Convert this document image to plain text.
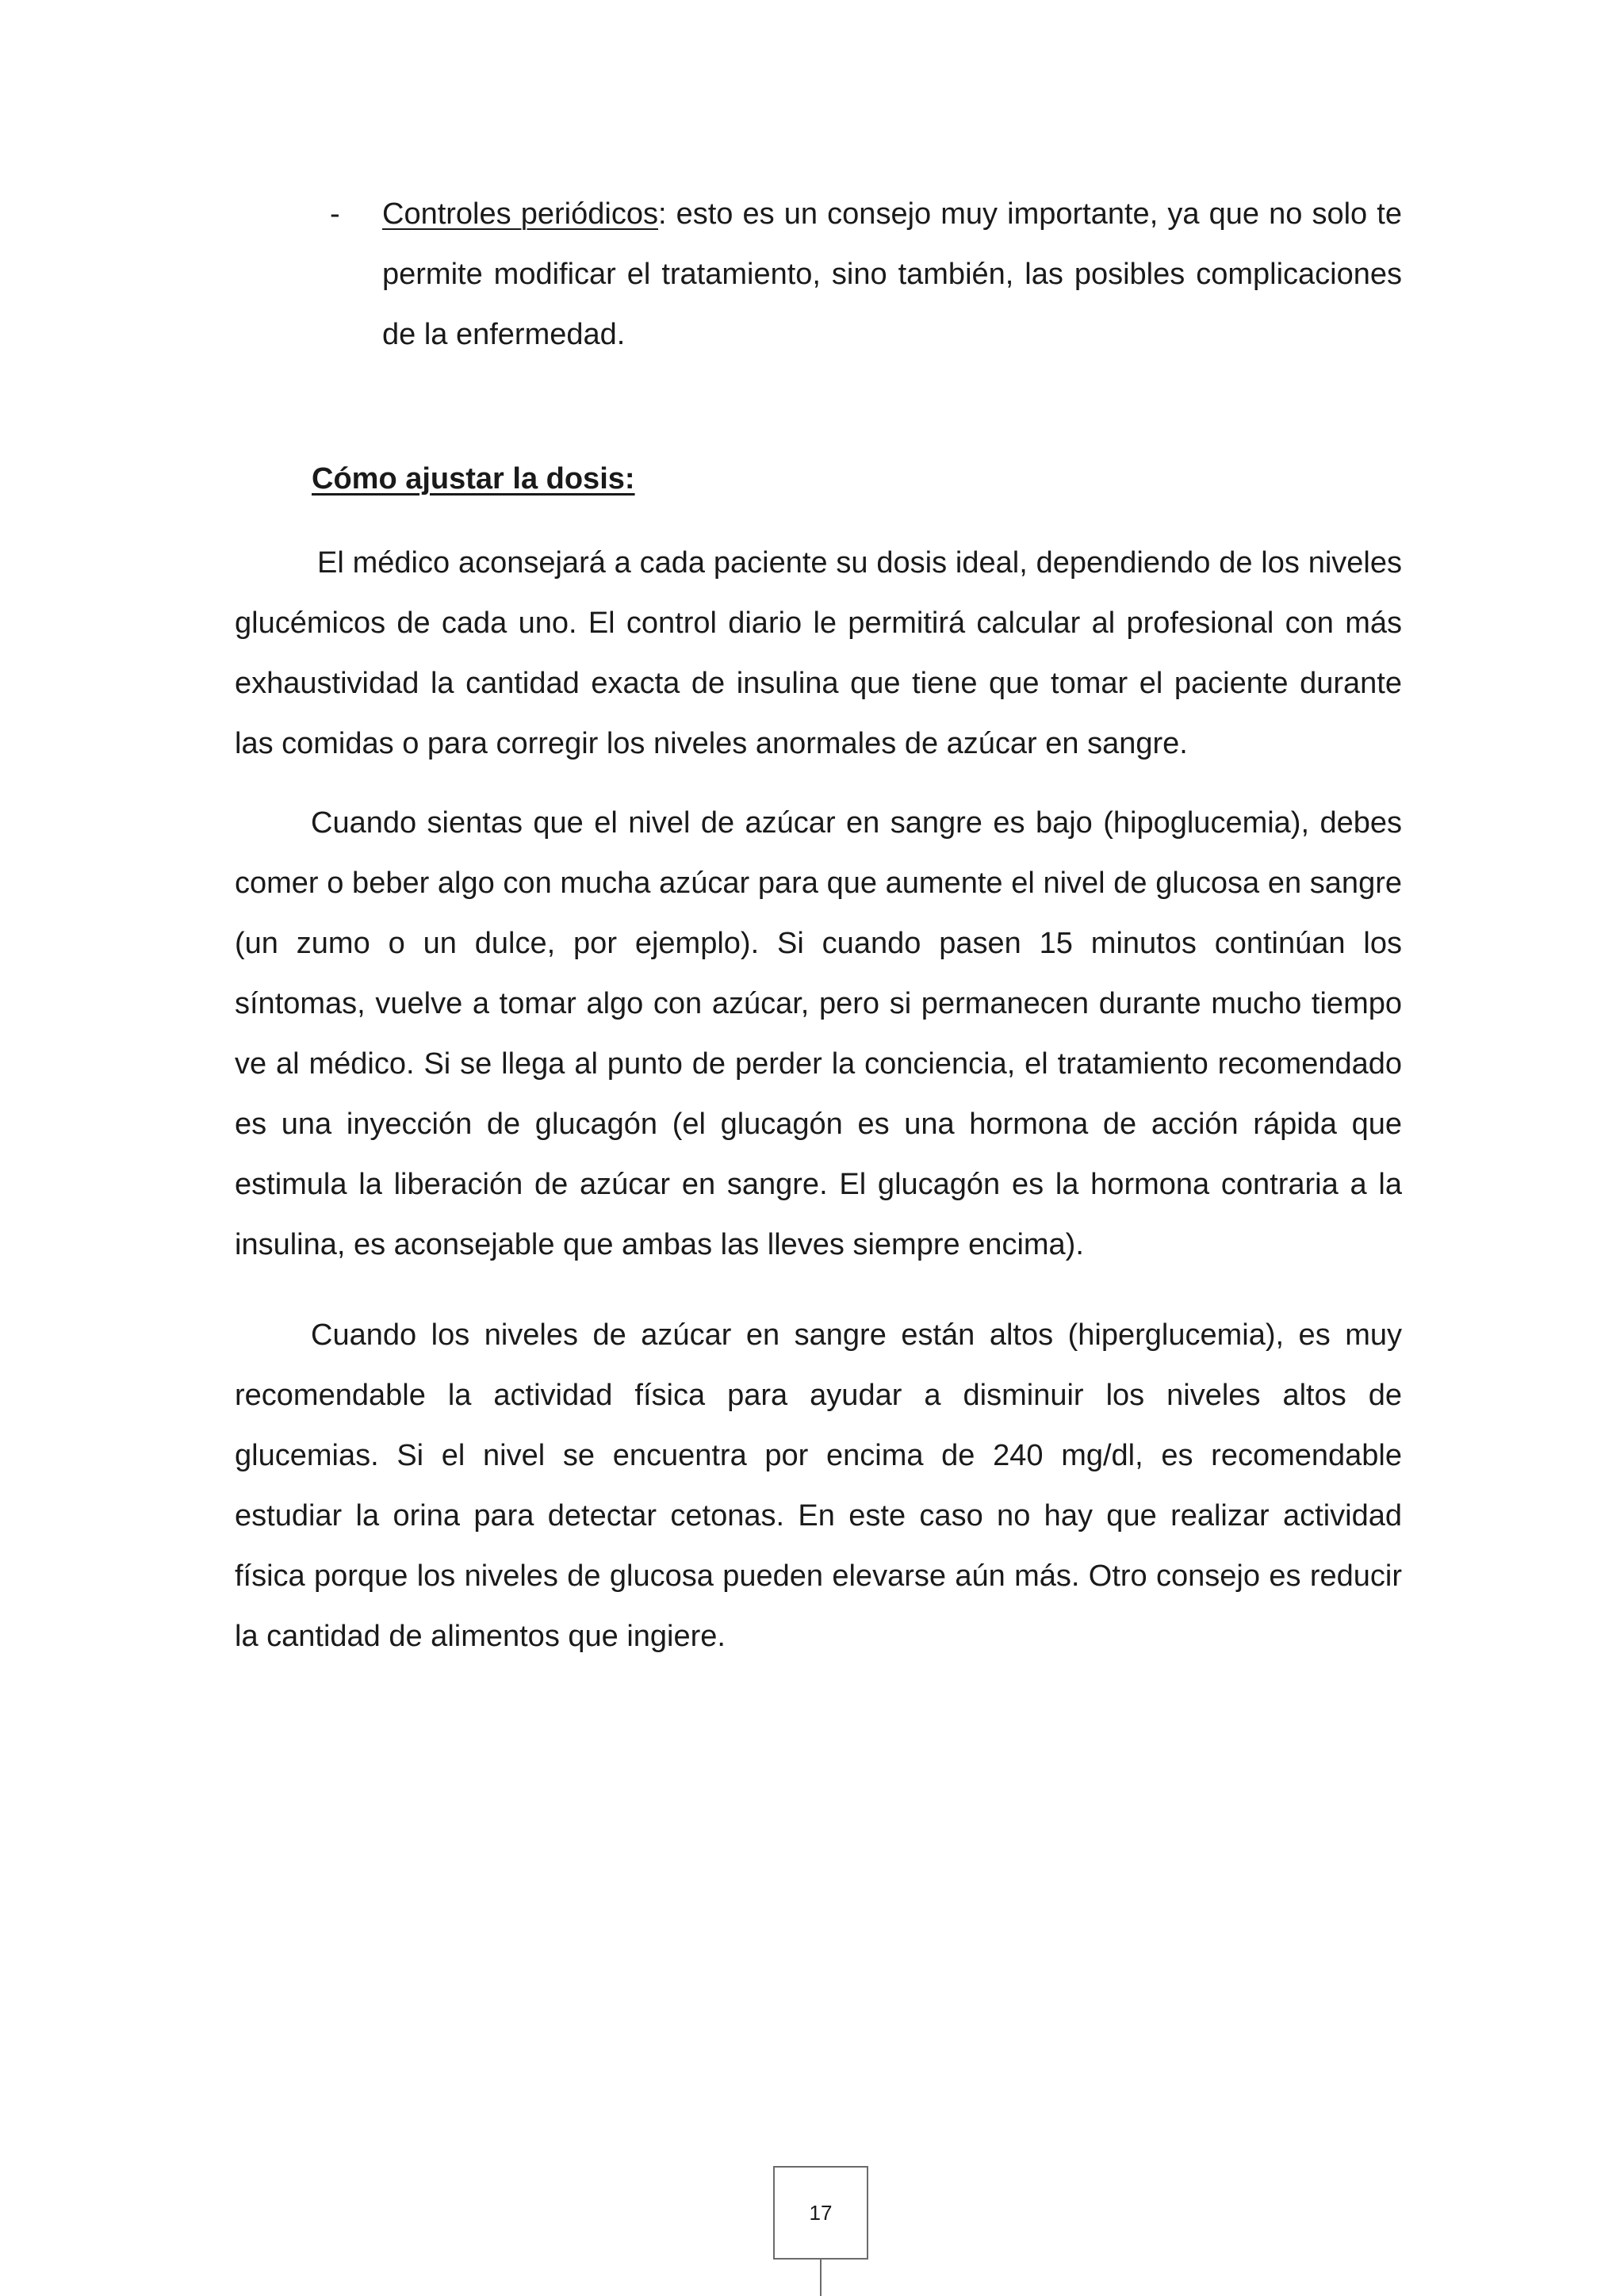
- Controles periódicos: esto es un consejo muy importante, ya que no solo te permite modificar el tratamiento, sino también, las posibles complicaciones de la enfermedad.

Cómo ajustar la dosis:

El médico aconsejará a cada paciente su dosis ideal, dependiendo de los niveles glucémicos de cada uno. El control diario le permitirá calcular al profesional con más exhaustividad la cantidad exacta de insulina que tiene que tomar el paciente durante las comidas o para corregir los niveles anormales de azúcar en sangre.

Cuando sientas que el nivel de azúcar en sangre es bajo (hipoglucemia), debes comer o beber algo con mucha azúcar para que aumente el nivel de glucosa en sangre (un zumo o un dulce, por ejemplo). Si cuando pasen 15 minutos continúan los síntomas, vuelve a tomar algo con azúcar, pero si permanecen durante mucho tiempo ve al médico. Si se llega al punto de perder la conciencia, el tratamiento recomendado es una inyección de glucagón (el glucagón es una hormona de acción rápida que estimula la liberación de azúcar en sangre. El glucagón es la hormona contraria a la insulina, es aconsejable que ambas las lleves siempre encima).

Cuando los niveles de azúcar en sangre están altos (hiperglucemia), es muy recomendable la actividad física para ayudar a disminuir los niveles altos de glucemias. Si el nivel se encuentra por encima de 240 mg/dl, es recomendable estudiar la orina para detectar cetonas. En este caso no hay que realizar actividad física porque los niveles de glucosa pueden elevarse aún más. Otro consejo es reducir la cantidad de alimentos que ingiere.

17
